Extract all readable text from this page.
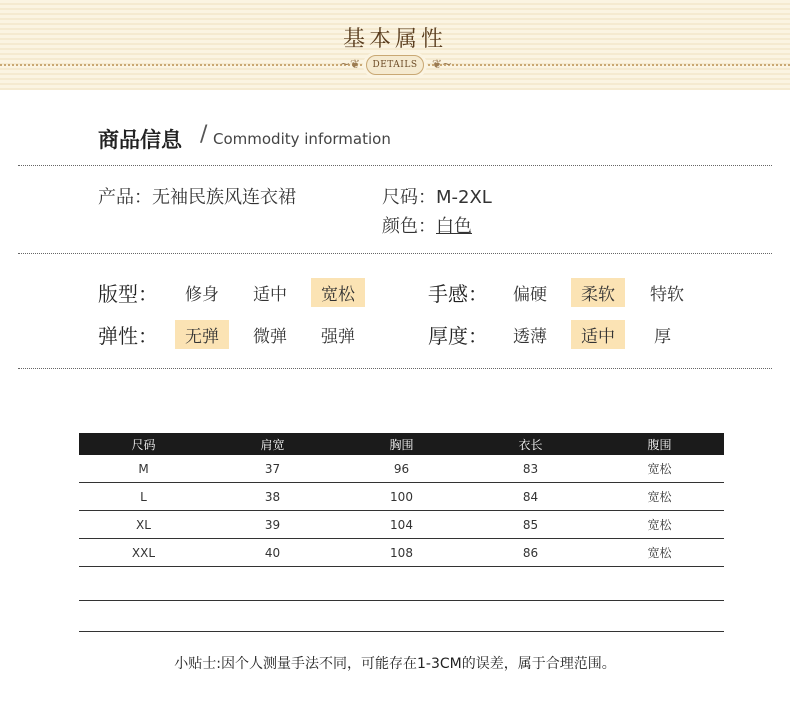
基本属性
~❦	❦~
DETAILS
商品信息 / Commodity information
产品：无袖民族风连衣裙	尺码：M-2XL
颜色：白色
版型：	修身	适中	宽松	手感：	偏硬	柔软	特软
弹性：	无弹	微弹	强弹	厚度：	透薄	适中	厚
尺码	肩宽	胸围	衣长	腹围
M	37	96	83	宽松
L	38	100	84	宽松
XL	39	104	85	宽松
XXL	40	108	86	宽松
小贴士:因个人测量手法不同，可能存在1-3CM的误差，属于合理范围。
